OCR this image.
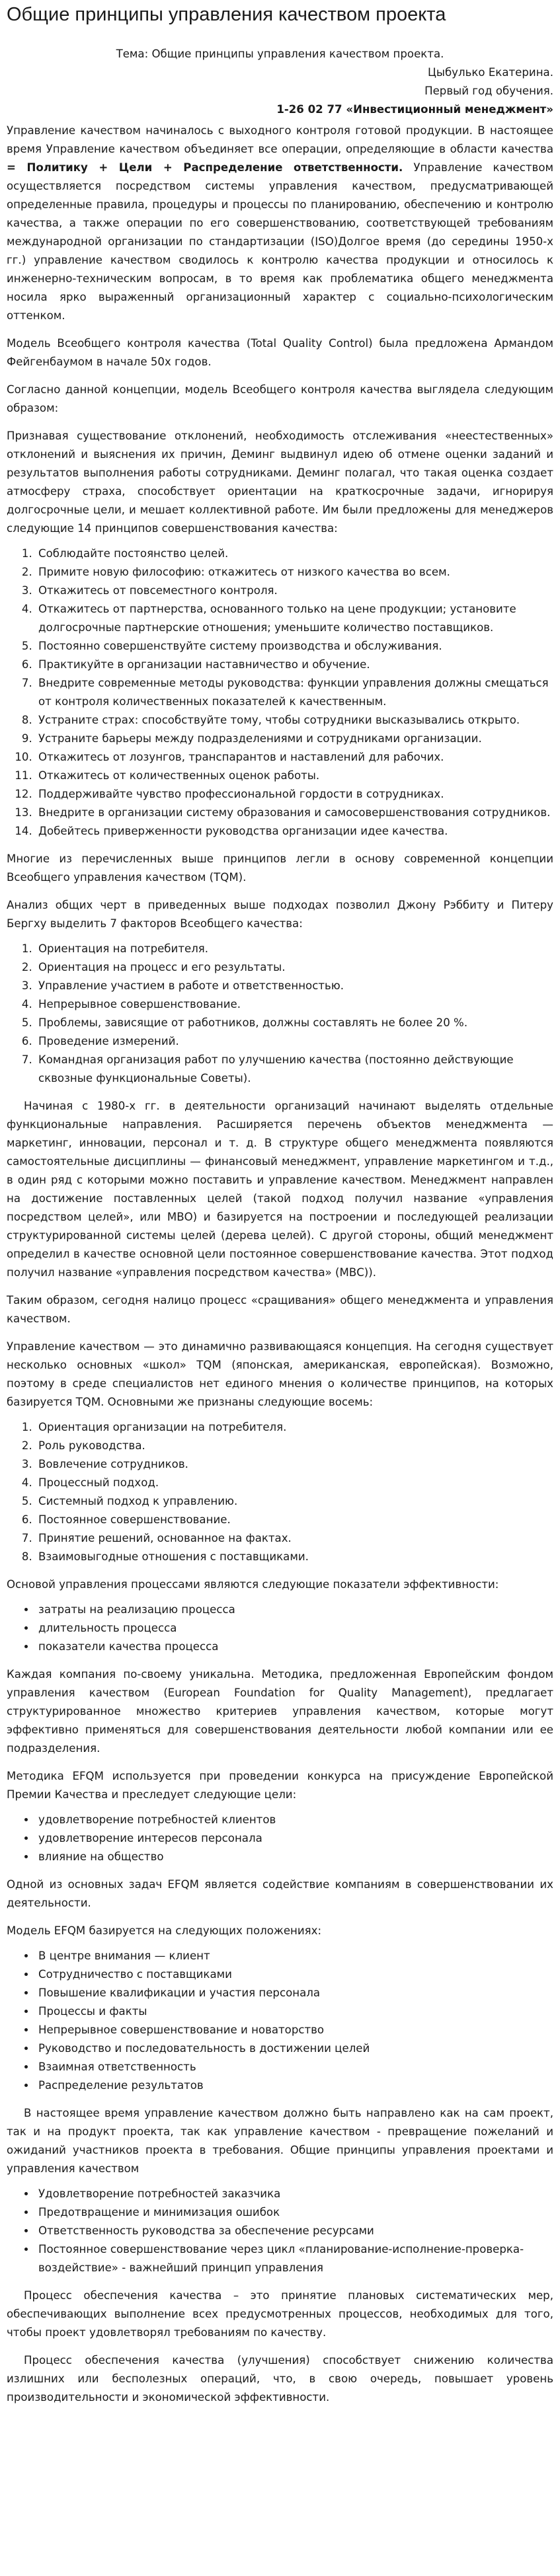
Общие принципы управления качеством проекта

Тема: Общие принципы управления качеством проекта.

Цыбулько Екатерина.

Первый год обучения.

1-26 02 77 «Инвестиционный менеджмент»

Управление качеством начиналось с выходного контроля готовой продукции. В настоящее время Управление качеством объединяет все операции, определяющие в области качества = Политику + Цели + Распределение ответственности. Управление качеством осуществляется посредством системы управления качеством, предусматривающей определенные правила, процедуры и процессы по планированию, обеспечению и контролю качества, а также операции по его совершенствованию, соответствующей требованиям международной организации по стандартизации (ISO)Долгое время (до середины 1950-х гг.) управление качеством сводилось к контролю качества продукции и относилось к инженерно-техническим вопросам, в то время как проблематика общего менеджмента носила ярко выраженный организационный характер с социально-психологическим оттенком.

Модель Всеобщего контроля качества (Total Quality Control) была предложена Армандом Фейгенбаумом в начале 50х годов.

Согласно данной концепции, модель Всеобщего контроля качества выглядела следующим образом:

Признавая существование отклонений, необходимость отслеживания «неестественных» отклонений и выяснения их причин, Деминг выдвинул идею об отмене оценки заданий и результатов выполнения работы сотрудниками. Деминг полагал, что такая оценка создает атмосферу страха, способствует ориентации на краткосрочные задачи, игнорируя долгосрочные цели, и мешает коллективной работе. Им были предложены для менеджеров следующие 14 принципов совершенствования качества:

1. Соблюдайте постоянство целей.
2. Примите новую философию: откажитесь от низкого качества во всем.
3. Откажитесь от повсеместного контроля.
4. Откажитесь от партнерства, основанного только на цене продукции; установите долгосрочные партнерские отношения; уменьшите количество поставщиков.
5. Постоянно совершенствуйте систему производства и обслуживания.
6. Практикуйте в организации наставничество и обучение.
7. Внедрите современные методы руководства: функции управления должны смещаться от контроля количественных показателей к качественным.
8. Устраните страх: способствуйте тому, чтобы сотрудники высказывались открыто.
9. Устраните барьеры между подразделениями и сотрудниками организации.
10. Откажитесь от лозунгов, транспарантов и наставлений для рабочих.
11. Откажитесь от количественных оценок работы.
12. Поддерживайте чувство профессиональной гордости в сотрудниках.
13. Внедрите в организации систему образования и самосовершенствования сотрудников.
14. Добейтесь приверженности руководства организации идее качества.

Многие из перечисленных выше принципов легли в основу современной концепции Всеобщего управления качеством (TQM).

Анализ общих черт в приведенных выше подходах позволил Джону Рэббиту и Питеру Бергху выделить 7 факторов Всеобщего качества:

1. Ориентация на потребителя.
2. Ориентация на процесс и его результаты.
3. Управление участием в работе и ответственностью.
4. Непрерывное совершенствование.
5. Проблемы, зависящие от работников, должны составлять не более 20 %.
6. Проведение измерений.
7. Командная организация работ по улучшению качества (постоянно действующие сквозные функциональные Советы).

Начиная с 1980-х гг. в деятельности организаций начинают выделять отдельные функциональные направления. Расширяется перечень объектов менеджмента — маркетинг, инновации, персонал и т. д. В структуре общего менеджмента появляются самостоятельные дисциплины — финансовый менеджмент, управление маркетингом и т.д., в один ряд с которыми можно поставить и управление качеством. Менеджмент направлен на достижение поставленных целей (такой подход получил название «управления посредством целей», или МВО) и базируется на построении и последующей реализации структурированной системы целей (дерева целей). С другой стороны, общий менеджмент определил в качестве основной цели постоянное совершенствование качества. Этот подход получил название «управления посредством качества» (МВС)).

Таким образом, сегодня налицо процесс «сращивания» общего менеджмента и управления качеством.

Управление качеством — это динамично развивающаяся концепция. На сегодня существует несколько основных «школ» TQM (японская, американская, европейская). Возможно, поэтому в среде специалистов нет единого мнения о количестве принципов, на которых базируется TQM. Основными же признаны следующие восемь:

1. Ориентация организации на потребителя.
2. Роль руководства.
3. Вовлечение сотрудников.
4. Процессный подход.
5. Системный подход к управлению.
6. Постоянное совершенствование.
7. Принятие решений, основанное на фактах.
8. Взаимовыгодные отношения с поставщиками.

Основой управления процессами являются следующие показатели эффективности:

• затраты на реализацию процесса
• длительность процесса
• показатели качества процесса

Каждая компания по-своему уникальна. Методика, предложенная Европейским фондом управления качеством (European Foundation for Quality Management), предлагает структурированное множество критериев управления качеством, которые могут эффективно применяться для совершенствования деятельности любой компании или ее подразделения.

Методика EFQM используется при проведении конкурса на присуждение Европейской Премии Качества и преследует следующие цели:

• удовлетворение потребностей клиентов
• удовлетворение интересов персонала
• влияние на общество

Одной из основных задач EFQM является содействие компаниям в совершенствовании их деятельности.

Модель EFQM базируется на следующих положениях:

• В центре внимания — клиент
• Сотрудничество с поставщиками
• Повышение квалификации и участия персонала
• Процессы и факты
• Непрерывное совершенствование и новаторство
• Руководство и последовательность в достижении целей
• Взаимная ответственность
• Распределение результатов

В настоящее время управление качеством должно быть направлено как на сам проект, так и на продукт проекта, так как управление качеством - превращение пожеланий и ожиданий участников проекта в требования. Общие принципы управления проектами и управления качеством

• Удовлетворение потребностей заказчика
• Предотвращение и минимизация ошибок
• Ответственность руководства за обеспечение ресурсами
• Постоянное совершенствование через цикл «планирование-исполнение-проверка-воздействие» - важнейший принцип управления

Процесс обеспечения качества – это принятие плановых систематических мер, обеспечивающих выполнение всех предусмотренных процессов, необходимых для того, чтобы проект удовлетворял требованиям по качеству.

Процесс обеспечения качества (улучшения) способствует снижению количества излишних или бесполезных операций, что, в свою очередь, повышает уровень производительности и экономической эффективности.
